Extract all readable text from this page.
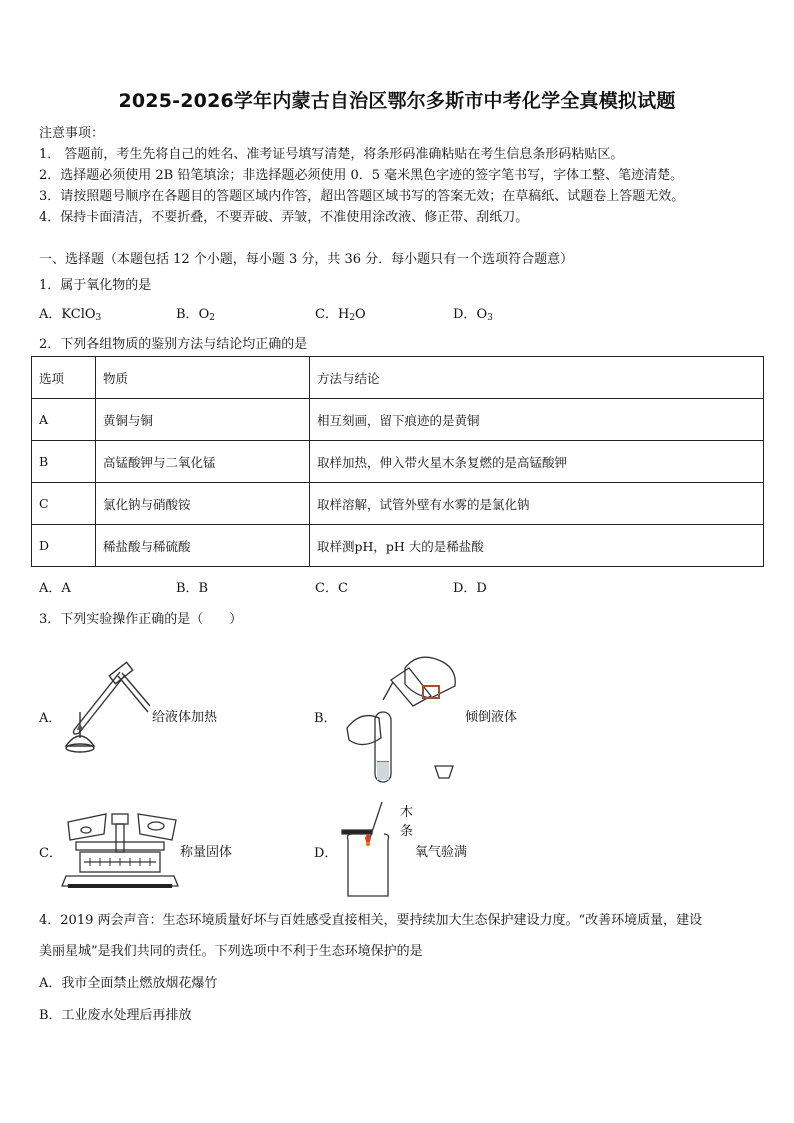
2025-2026学年内蒙古自治区鄂尔多斯市中考化学全真模拟试题
注意事项：
1． 答题前，考生先将自己的姓名、准考证号填写清楚，将条形码准确粘贴在考生信息条形码粘贴区。
2．选择题必须使用 2B 铅笔填涂；非选择题必须使用 0．5 毫米黑色字迹的签字笔书写，字体工整、笔迹清楚。
3．请按照题号顺序在各题目的答题区域内作答，超出答题区域书写的答案无效；在草稿纸、试题卷上答题无效。
4．保持卡面清洁，不要折叠，不要弄破、弄皱，不准使用涂改液、修正带、刮纸刀。
一、选择题（本题包括 12 个小题，每小题 3 分，共 36 分．每小题只有一个选项符合题意）
1．属于氧化物的是
A．KClO$_3$	B．$O_2$	C．$H_2O$	D．$O_3$
2．下列各组物质的鉴别方法与结论均正确的是
选项	物质	方法与结论
A	黄铜与铜	相互刻画，留下痕迹的是黄铜
B	高锰酸钾与二氧化锰	取样加热，伸入带火星木条复燃的是高锰酸钾
C	氯化钠与硝酸铵	取样溶解，试管外壁有水雾的是氯化钠
D	稀盐酸与稀硫酸	取样测pH，pH 大的是稀盐酸
A．A	B．B	C．C	D．D
3．下列实验操作正确的是（　　）
A．	给液体加热	B．	倾倒液体
C．	称量固体	D．
木
条
氧气验满
4．2019 两会声音：生态环境质量好坏与百姓感受直接相关，要持续加大生态保护建设力度。“改善环境质量，建设
美丽星城”是我们共同的责任。下列选项中不利于生态环境保护的是
A．我市全面禁止燃放烟花爆竹
B．工业废水处理后再排放
